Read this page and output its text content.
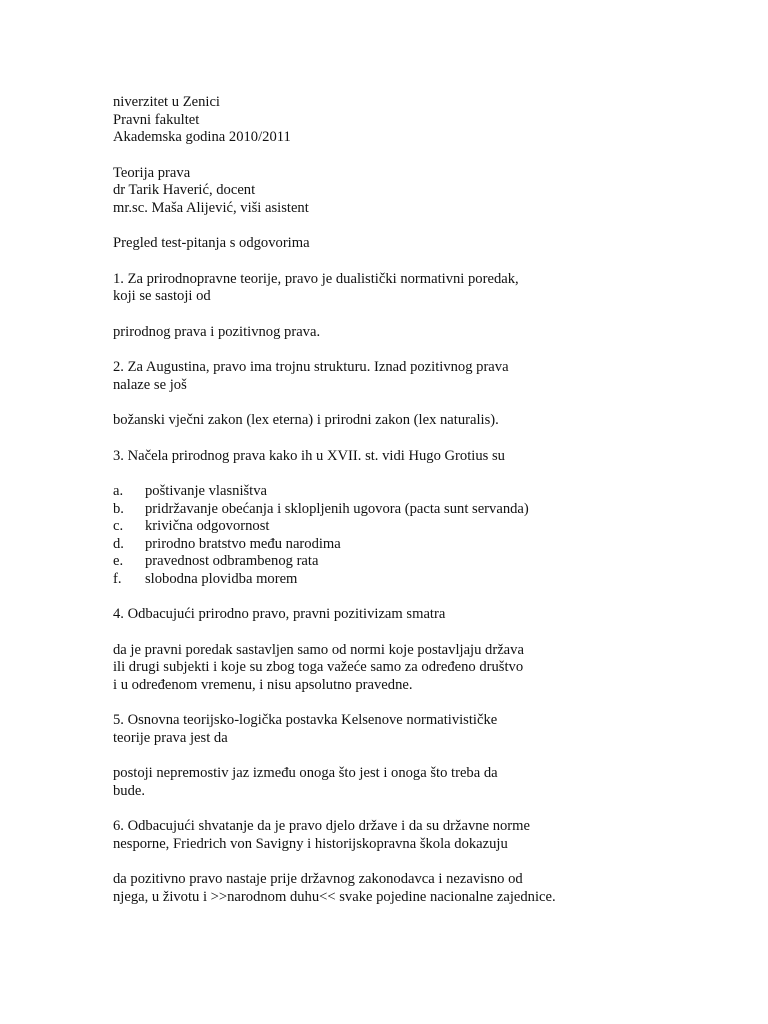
niverzitet u Zenici
Pravni fakultet
Akademska godina 2010/2011
Teorija prava
dr Tarik Haverić, docent
mr.sc. Maša Alijević, viši asistent
Pregled test-pitanja s odgovorima
1. Za prirodnopravne teorije, pravo je dualistički normativni poredak,
koji se sastoji od
prirodnog prava i pozitivnog prava.
2. Za Augustina, pravo ima trojnu strukturu. Iznad pozitivnog prava
nalaze se još
božanski vječni zakon (lex eterna) i prirodni zakon (lex naturalis).
3. Načela prirodnog prava kako ih u XVII. st. vidi Hugo Grotius su
a.	poštivanje vlasništva
b.	pridržavanje obećanja i sklopljenih ugovora (pacta sunt servanda)
c.	krivična odgovornost
d.	prirodno bratstvo među narodima
e.	pravednost odbrambenog rata
f.	slobodna plovidba morem
4. Odbacujući prirodno pravo, pravni pozitivizam smatra
da je pravni poredak sastavljen samo od normi koje postavljaju država
ili drugi subjekti i koje su zbog toga važeće samo za određeno društvo
i u određenom vremenu, i nisu apsolutno pravedne.
5. Osnovna teorijsko-logička postavka Kelsenove normativističke
teorije prava jest da
postoji nepremostiv jaz između onoga što jest i onoga što treba da
bude.
6. Odbacujući shvatanje da je pravo djelo države i da su državne norme
nesporne, Friedrich von Savigny i historijskopravna škola dokazuju
da pozitivno pravo nastaje prije državnog zakonodavca i nezavisno od
njega, u životu i >>narodnom duhu<< svake pojedine nacionalne zajednice.
